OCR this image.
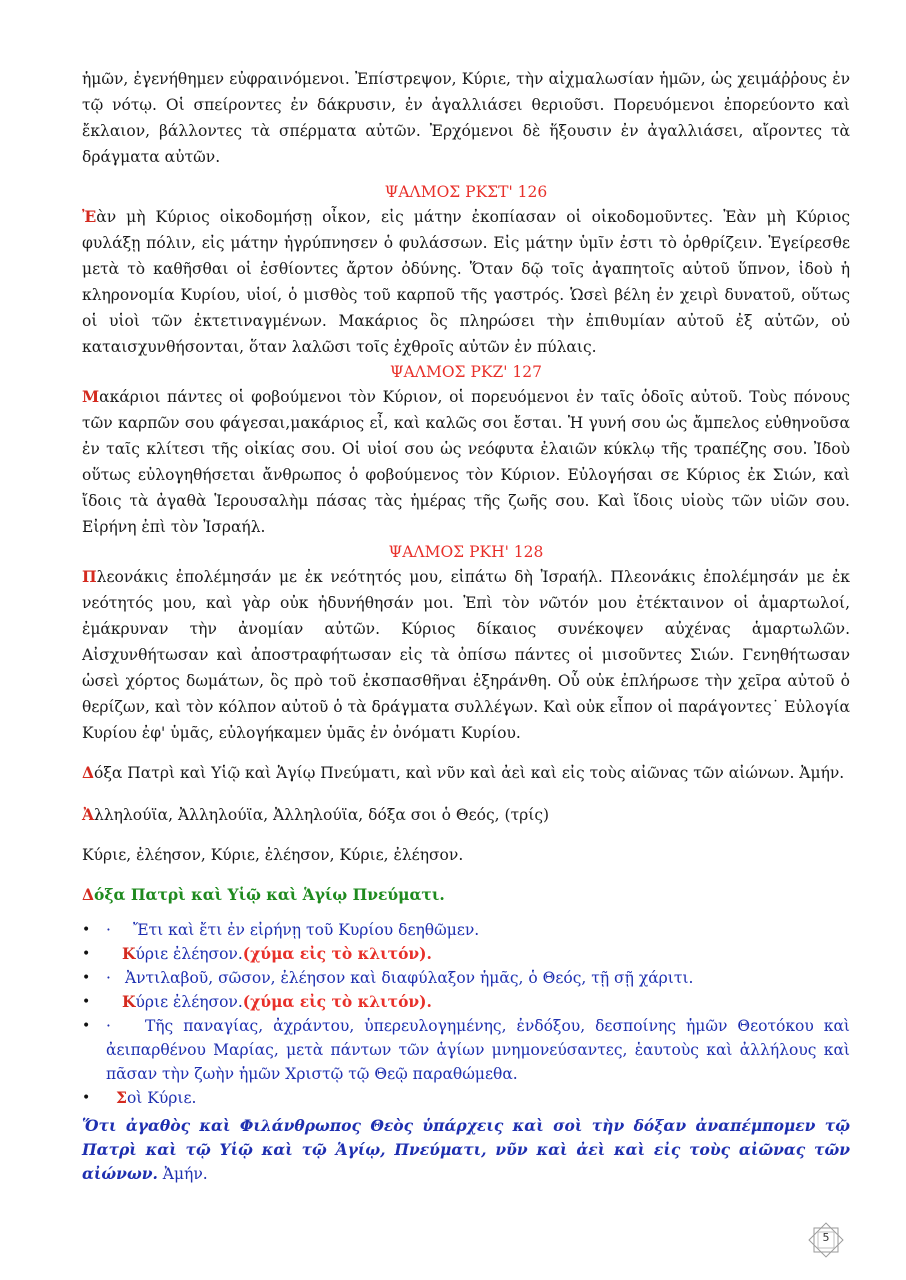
ἡμῶν, ἐγενήθημεν εὐφραινόμενοι. Ἐπίστρεψον, Κύριε, τὴν αἰχμαλωσίαν ἡμῶν, ὡς χειμάῤῥους ἐν τῷ νότῳ. Οἱ σπείροντες ἐν δάκρυσιν, ἐν ἀγαλλιάσει θεριοῦσι. Πορευόμενοι ἐπορεύοντο καὶ ἔκλαιον, βάλλοντες τὰ σπέρματα αὐτῶν. Ἐρχόμενοι δὲ ἥξουσιν ἐν ἀγαλλιάσει, αἴροντες τὰ δράγματα αὐτῶν.

ΨΑΛΜΟΣ ΡΚΣΤ' 126

Ἐὰν μὴ Κύριος οἰκοδομήσῃ οἶκον, εἰς μάτην ἐκοπίασαν οἱ οἰκοδομοῦντες. Ἐὰν μὴ Κύριος φυλάξῃ πόλιν, εἰς μάτην ἠγρύπνησεν ὁ φυλάσσων. Εἰς μάτην ὑμῖν ἐστι τὸ ὀρθρίζειν. Ἐγείρεσθε μετὰ τὸ καθῆσθαι οἱ ἐσθίοντες ἄρτον ὀδύνης. Ὅταν δῷ τοῖς ἀγαπητοῖς αὐτοῦ ὕπνον, ἰδοὺ ἡ κληρονομία Κυρίου, υἱοί, ὁ μισθὸς τοῦ καρποῦ τῆς γαστρός. Ὡσεὶ βέλη ἐν χειρὶ δυνατοῦ, οὕτως οἱ υἱοὶ τῶν ἐκτετιναγμένων. Μακάριος ὃς πληρώσει τὴν ἐπιθυμίαν αὐτοῦ ἐξ αὐτῶν, οὐ καταισχυνθήσονται, ὅταν λαλῶσι τοῖς ἐχθροῖς αὐτῶν ἐν πύλαις.

ΨΑΛΜΟΣ ΡΚΖ' 127

Μακάριοι πάντες οἱ φοβούμενοι τὸν Κύριον, οἱ πορευόμενοι ἐν ταῖς ὁδοῖς αὐτοῦ. Τοὺς πόνους τῶν καρπῶν σου φάγεσαι,μακάριος εἶ, καὶ καλῶς σοι ἔσται. Ἡ γυνή σου ὡς ἄμπελος εὐθηνοῦσα ἐν ταῖς κλίτεσι τῆς οἰκίας σου. Οἱ υἱοί σου ὡς νεόφυτα ἐλαιῶν κύκλῳ τῆς τραπέζης σου. Ἰδοὺ οὕτως εὐλογηθήσεται ἄνθρωπος ὁ φοβούμενος τὸν Κύριον. Εὐλογήσαι σε Κύριος ἐκ Σιών, καὶ ἴδοις τὰ ἀγαθὰ Ἱερουσαλὴμ πάσας τὰς ἡμέρας τῆς ζωῆς σου. Καὶ ἴδοις υἱοὺς τῶν υἱῶν σου. Εἰρήνη ἐπὶ τὸν Ἰσραήλ.

ΨΑΛΜΟΣ ΡΚΗ' 128

Πλεονάκις ἐπολέμησάν με ἐκ νεότητός μου, εἰπάτω δὴ Ἰσραήλ. Πλεονάκις ἐπολέμησάν με ἐκ νεότητός μου, καὶ γὰρ οὐκ ἠδυνήθησάν μοι. Ἐπὶ τὸν νῶτόν μου ἐτέκταινον οἱ ἁμαρτωλοί, ἐμάκρυναν τὴν ἀνομίαν αὐτῶν. Κύριος δίκαιος συνέκοψεν αὐχένας ἁμαρτωλῶν. Αἰσχυνθήτωσαν καὶ ἀποστραφήτωσαν εἰς τὰ ὀπίσω πάντες οἱ μισοῦντες Σιών. Γενηθήτωσαν ὡσεὶ χόρτος δωμάτων, ὃς πρὸ τοῦ ἐκσπασθῆναι ἐξηράνθη. Οὗ οὐκ ἐπλήρωσε τὴν χεῖρα αὐτοῦ ὁ θερίζων, καὶ τὸν κόλπον αὐτοῦ ὁ τὰ δράγματα συλλέγων. Καὶ οὐκ εἶπον οἱ παράγοντες˙ Εὐλογία Κυρίου ἐφ' ὑμᾶς, εὐλογήκαμεν ὑμᾶς ἐν ὀνόματι Κυρίου.

Δόξα Πατρὶ καὶ Υἱῷ καὶ Ἁγίῳ Πνεύματι, καὶ νῦν καὶ ἀεὶ καὶ εἰς τοὺς αἰῶνας τῶν αἰώνων. Ἀμήν.

Ἀλληλούϊα, Ἀλληλούϊα, Ἀλληλούϊα, δόξα σοι ὁ Θεός, (τρίς)

Κύριε, ἐλέησον, Κύριε, ἐλέησον, Κύριε, ἐλέησον.

Δόξα Πατρὶ καὶ Υἱῷ καὶ Ἁγίῳ Πνεύματι.

• · Ἔτι καὶ ἔτι ἐν εἰρήνῃ τοῦ Κυρίου δεηθῶμεν.
• Κύριε ἐλέησον.(χύμα εἰς τὸ κλιτόν).
• · Ἀντιλαβοῦ, σῶσον, ἐλέησον καὶ διαφύλαξον ἡμᾶς, ὁ Θεός, τῇ σῇ χάριτι.
• Κύριε ἐλέησον.(χύμα εἰς τὸ κλιτόν).
• · Τῆς παναγίας, ἀχράντου, ὑπερευλογημένης, ἐνδόξου, δεσποίνης ἡμῶν Θεοτόκου καὶ ἀειπαρθένου Μαρίας, μετὰ πάντων τῶν ἁγίων μνημονεύσαντες, ἑαυτοὺς καὶ ἀλλήλους καὶ πᾶσαν τὴν ζωὴν ἡμῶν Χριστῷ τῷ Θεῷ παραθώμεθα.
• Σοὶ Κύριε.

Ὅτι ἀγαθὸς καὶ Φιλάνθρωπος Θεὸς ὑπάρχεις καὶ σοὶ τὴν δόξαν ἀναπέμπομεν τῷ Πατρὶ καὶ τῷ Υἱῷ καὶ τῷ Ἁγίῳ, Πνεύματι, νῦν καὶ ἀεὶ καὶ εἰς τοὺς αἰῶνας τῶν αἰώνων. Ἀμήν.

5
